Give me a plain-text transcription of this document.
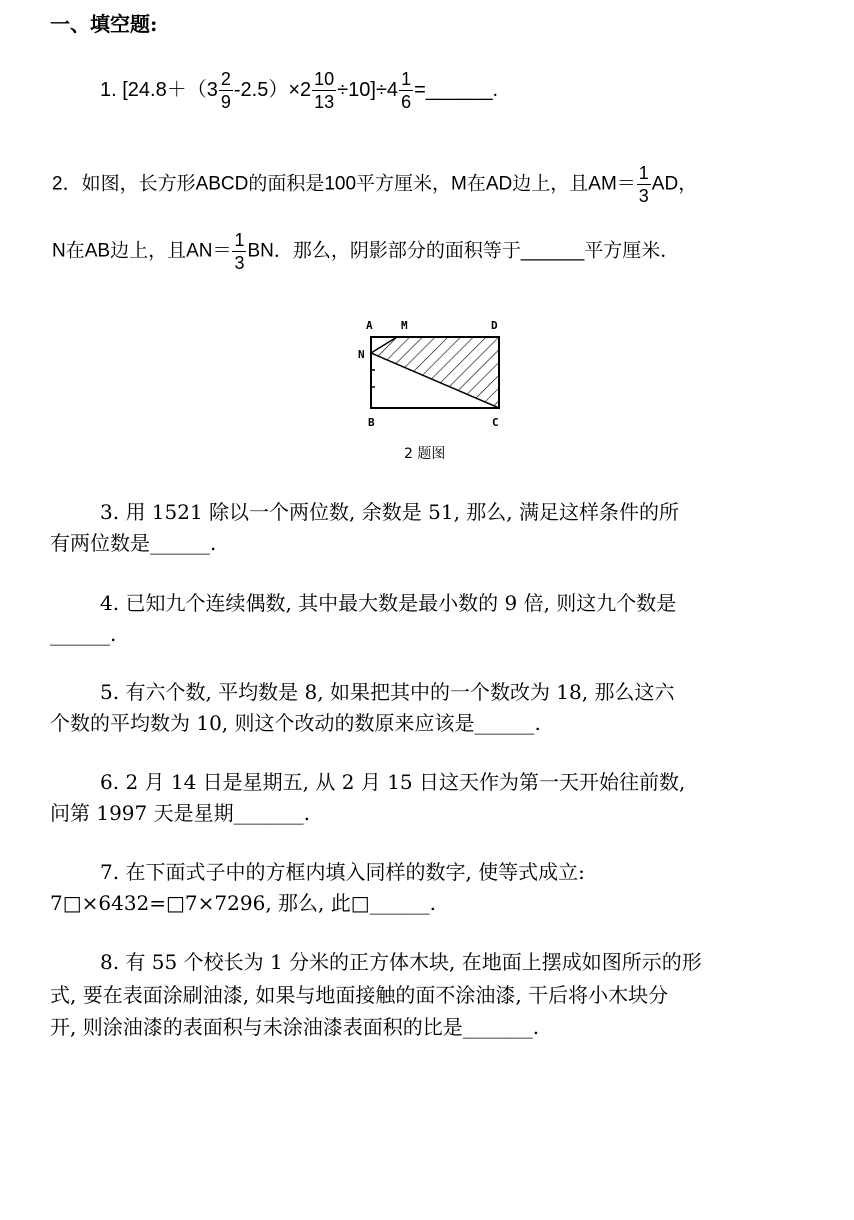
一、填空题:
1. $[24.8+(3 \frac{2}{9} -2.5)\times 2 \frac{10}{13} \div 10]\div 4 \frac{1}{6}$ =______.
2．如图，长方形ABCD的面积是100平方厘米，M在AD边上，且$AM= \frac{1}{3}$ AD，
N在AB边上，且$AN= \frac{1}{3}$ BN．那么，阴影部分的面积等于______平方厘米．
A	M	D
N
B	C
2 题图
3. 用 1521 除以一个两位数, 余数是 51, 那么, 满足这样条件的所
有两位数是______.
4. 已知九个连续偶数, 其中最大数是最小数的 9 倍, 则这九个数是
______.
5. 有六个数, 平均数是 8, 如果把其中的一个数改为 18, 那么这六
个数的平均数为 10, 则这个改动的数原来应该是______.
6. 2 月 14 日是星期五, 从 2 月 15 日这天作为第一天开始往前数,
问第 1997 天是星期_______.
7. 在下面式子中的方框内填入同样的数字, 使等式成立:
7□×6432=□7×7296, 那么, 此□______.
8. 有 55 个校长为 1 分米的正方体木块, 在地面上摆成如图所示的形
式, 要在表面涂刷油漆, 如果与地面接触的面不涂油漆, 干后将小木块分
开, 则涂油漆的表面积与未涂油漆表面积的比是_______.
